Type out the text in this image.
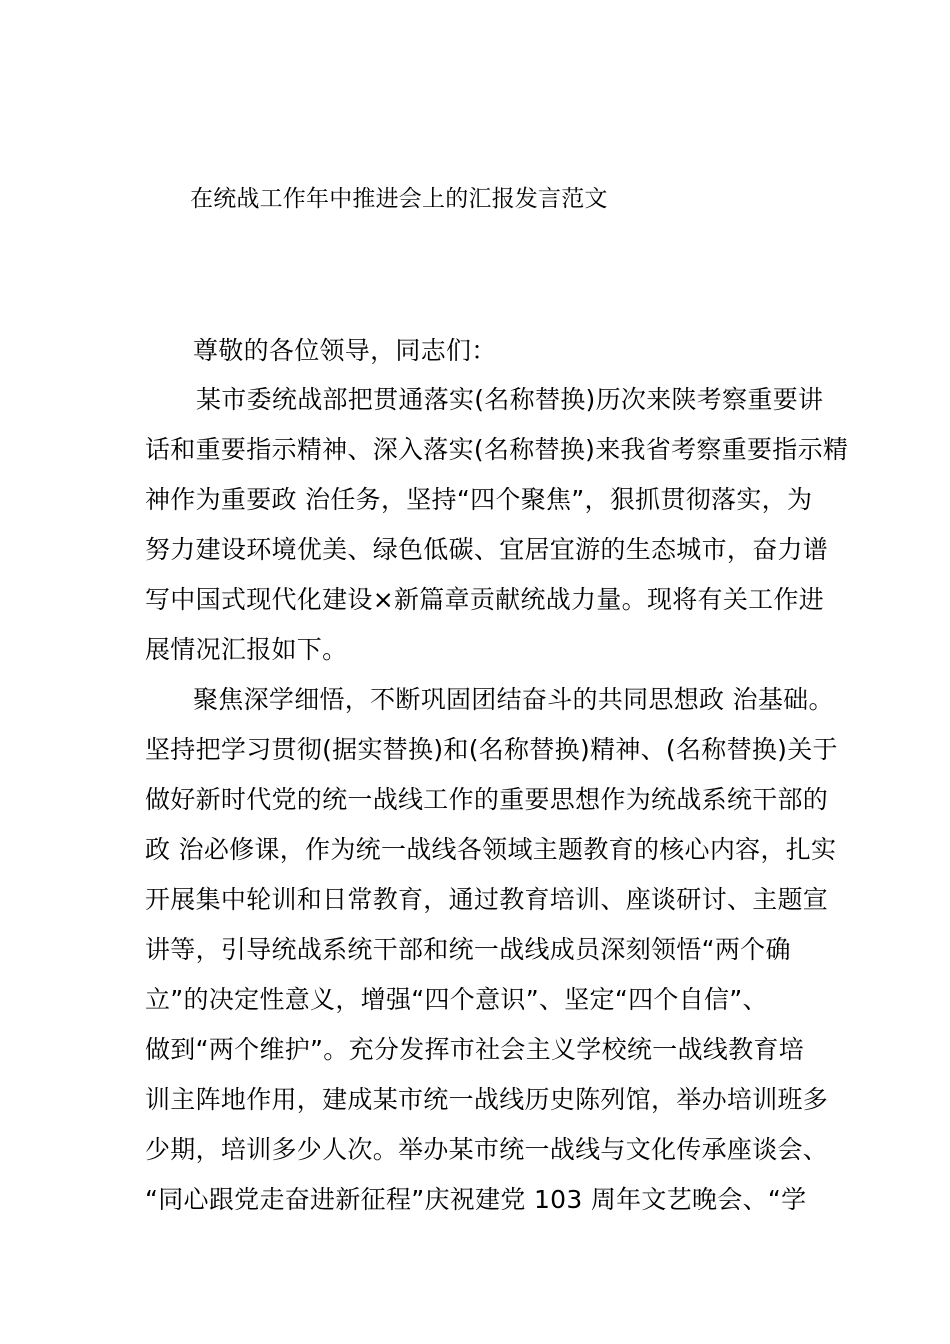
在统战工作年中推进会上的汇报发言范文
尊敬的各位领导，同志们：
某市委统战部把贯通落实(名称替换)历次来陕考察重要讲
话和重要指示精神、深入落实(名称替换)来我省考察重要指示精
神作为重要政 治任务，坚持“四个聚焦”，狠抓贯彻落实，为
努力建设环境优美、绿色低碳、宜居宜游的生态城市，奋力谱
写中国式现代化建设×新篇章贡献统战力量。现将有关工作进
展情况汇报如下。
聚焦深学细悟，不断巩固团结奋斗的共同思想政 治基础。
坚持把学习贯彻(据实替换)和(名称替换)精神、(名称替换)关于
做好新时代党的统一战线工作的重要思想作为统战系统干部的
政 治必修课，作为统一战线各领域主题教育的核心内容，扎实
开展集中轮训和日常教育，通过教育培训、座谈研讨、主题宣
讲等，引导统战系统干部和统一战线成员深刻领悟“两个确
立”的决定性意义，增强“四个意识”、坚定“四个自信”、
做到“两个维护”。充分发挥市社会主义学校统一战线教育培
训主阵地作用，建成某市统一战线历史陈列馆，举办培训班多
少期，培训多少人次。举办某市统一战线与文化传承座谈会、
“同心跟党走奋进新征程”庆祝建党 103 周年文艺晚会、“学
